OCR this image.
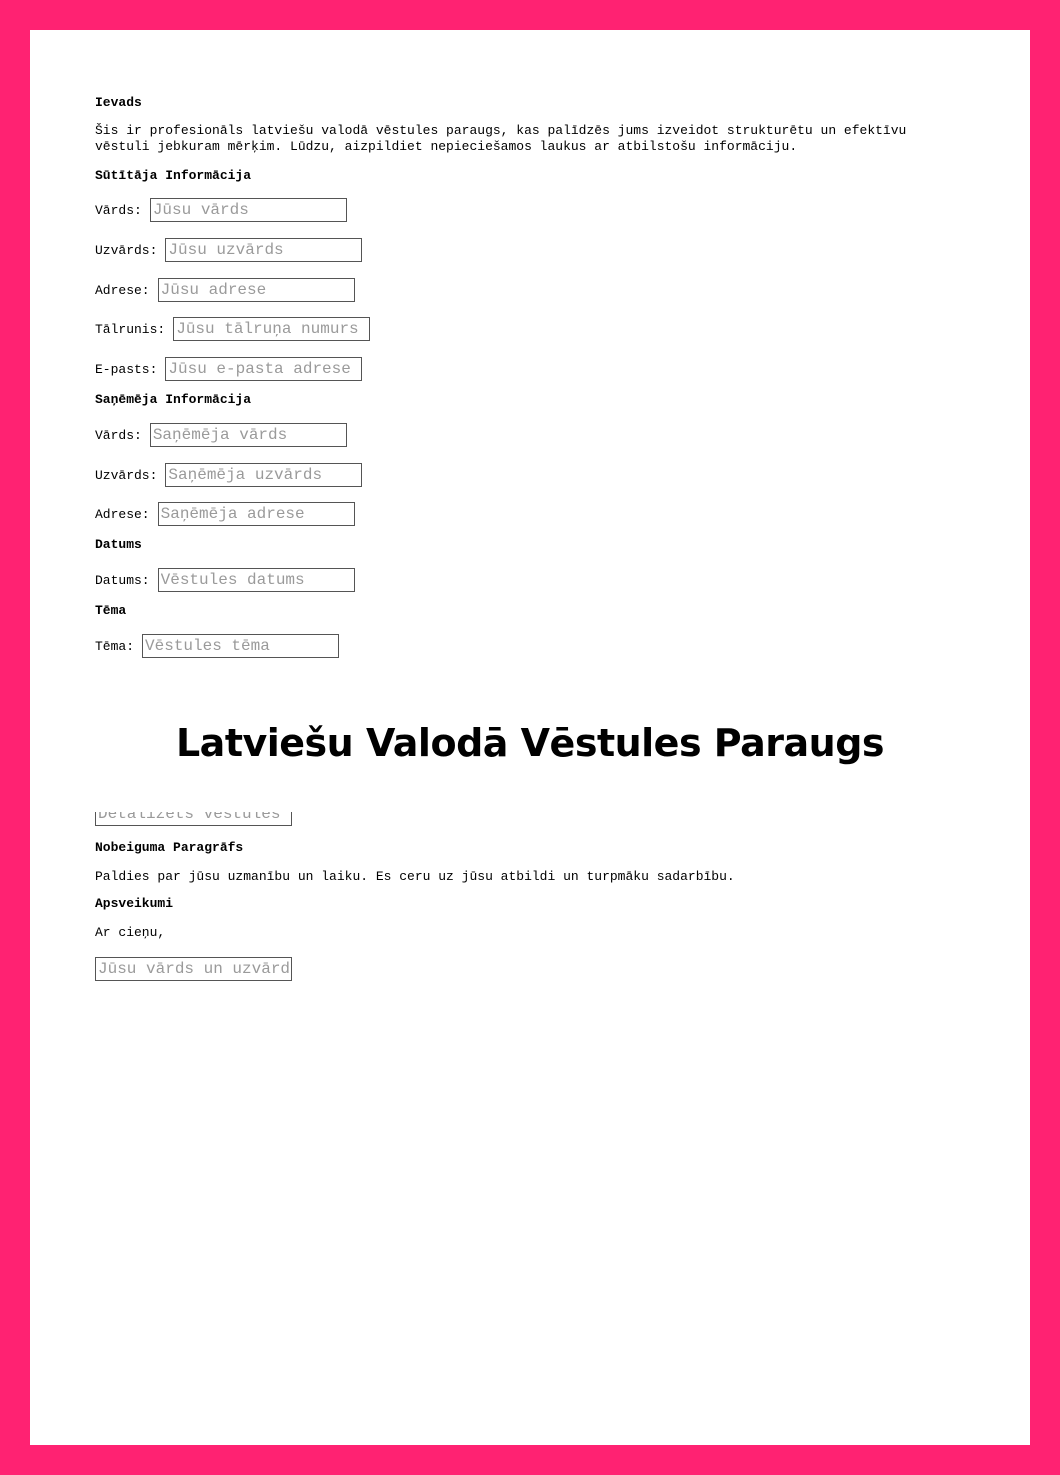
Ievads
Šis ir profesionāls latviešu valodā vēstules paraugs, kas palīdzēs jums izveidot strukturētu un efektīvu vēstuli jebkuram mērķim. Lūdzu, aizpildiet nepieciešamos laukus ar atbilstošu informāciju.
Sūtītāja Informācija
Vārds:
Jūsu vārds
Uzvārds:
Jūsu uzvārds
Adrese:
Jūsu adrese
Tālrunis:
Jūsu tālruņa numurs
E-pasts:
Jūsu e-pasta adrese
Saņēmēja Informācija
Vārds:
Saņēmēja vārds
Uzvārds:
Saņēmēja uzvārds
Adrese:
Saņēmēja adrese
Datums
Datums:
Vēstules datums
Tēma
Tēma:
Vēstules tēma
Detalizēts vēstules
Nobeiguma Paragrāfs
Paldies par jūsu uzmanību un laiku. Es ceru uz jūsu atbildi un turpmāku sadarbību.
Apsveikumi
Ar cieņu,
Jūsu vārds un uzvārds
Latviešu Valodā Vēstules Paraugs
